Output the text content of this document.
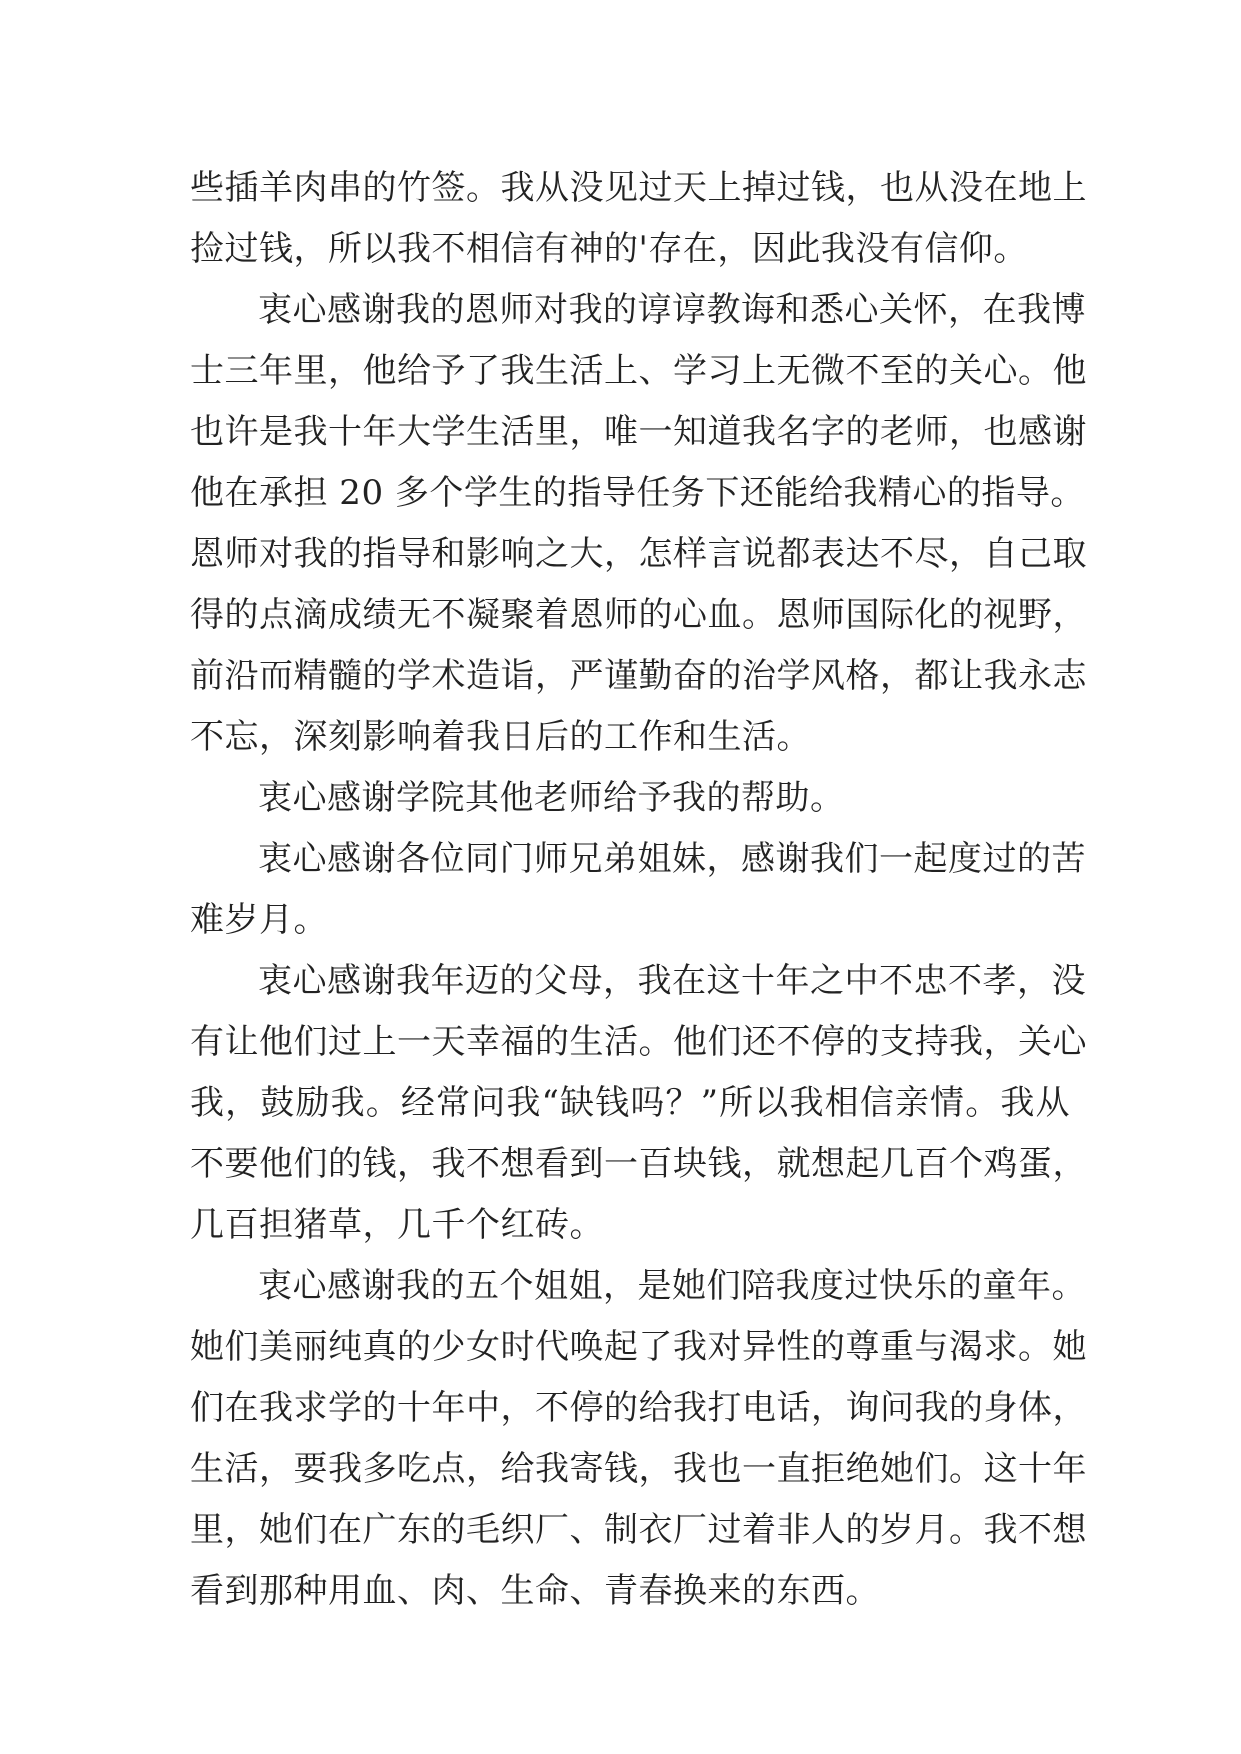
些插羊肉串的竹签。我从没见过天上掉过钱，也从没在地上
捡过钱，所以我不相信有神的'存在，因此我没有信仰。
衷心感谢我的恩师对我的谆谆教诲和悉心关怀，在我博
士三年里，他给予了我生活上、学习上无微不至的关心。他
也许是我十年大学生活里，唯一知道我名字的老师，也感谢
他在承担 20 多个学生的指导任务下还能给我精心的指导。
恩师对我的指导和影响之大，怎样言说都表达不尽，自己取
得的点滴成绩无不凝聚着恩师的心血。恩师国际化的视野，
前沿而精髓的学术造诣，严谨勤奋的治学风格，都让我永志
不忘，深刻影响着我日后的工作和生活。
衷心感谢学院其他老师给予我的帮助。
衷心感谢各位同门师兄弟姐妹，感谢我们一起度过的苦
难岁月。
衷心感谢我年迈的父母，我在这十年之中不忠不孝，没
有让他们过上一天幸福的生活。他们还不停的支持我，关心
我，鼓励我。经常问我“缺钱吗？”所以我相信亲情。我从
不要他们的钱，我不想看到一百块钱，就想起几百个鸡蛋，
几百担猪草，几千个红砖。
衷心感谢我的五个姐姐，是她们陪我度过快乐的童年。
她们美丽纯真的少女时代唤起了我对异性的尊重与渴求。她
们在我求学的十年中，不停的给我打电话，询问我的身体，
生活，要我多吃点，给我寄钱，我也一直拒绝她们。这十年
里，她们在广东的毛织厂、制衣厂过着非人的岁月。我不想
看到那种用血、肉、生命、青春换来的东西。
